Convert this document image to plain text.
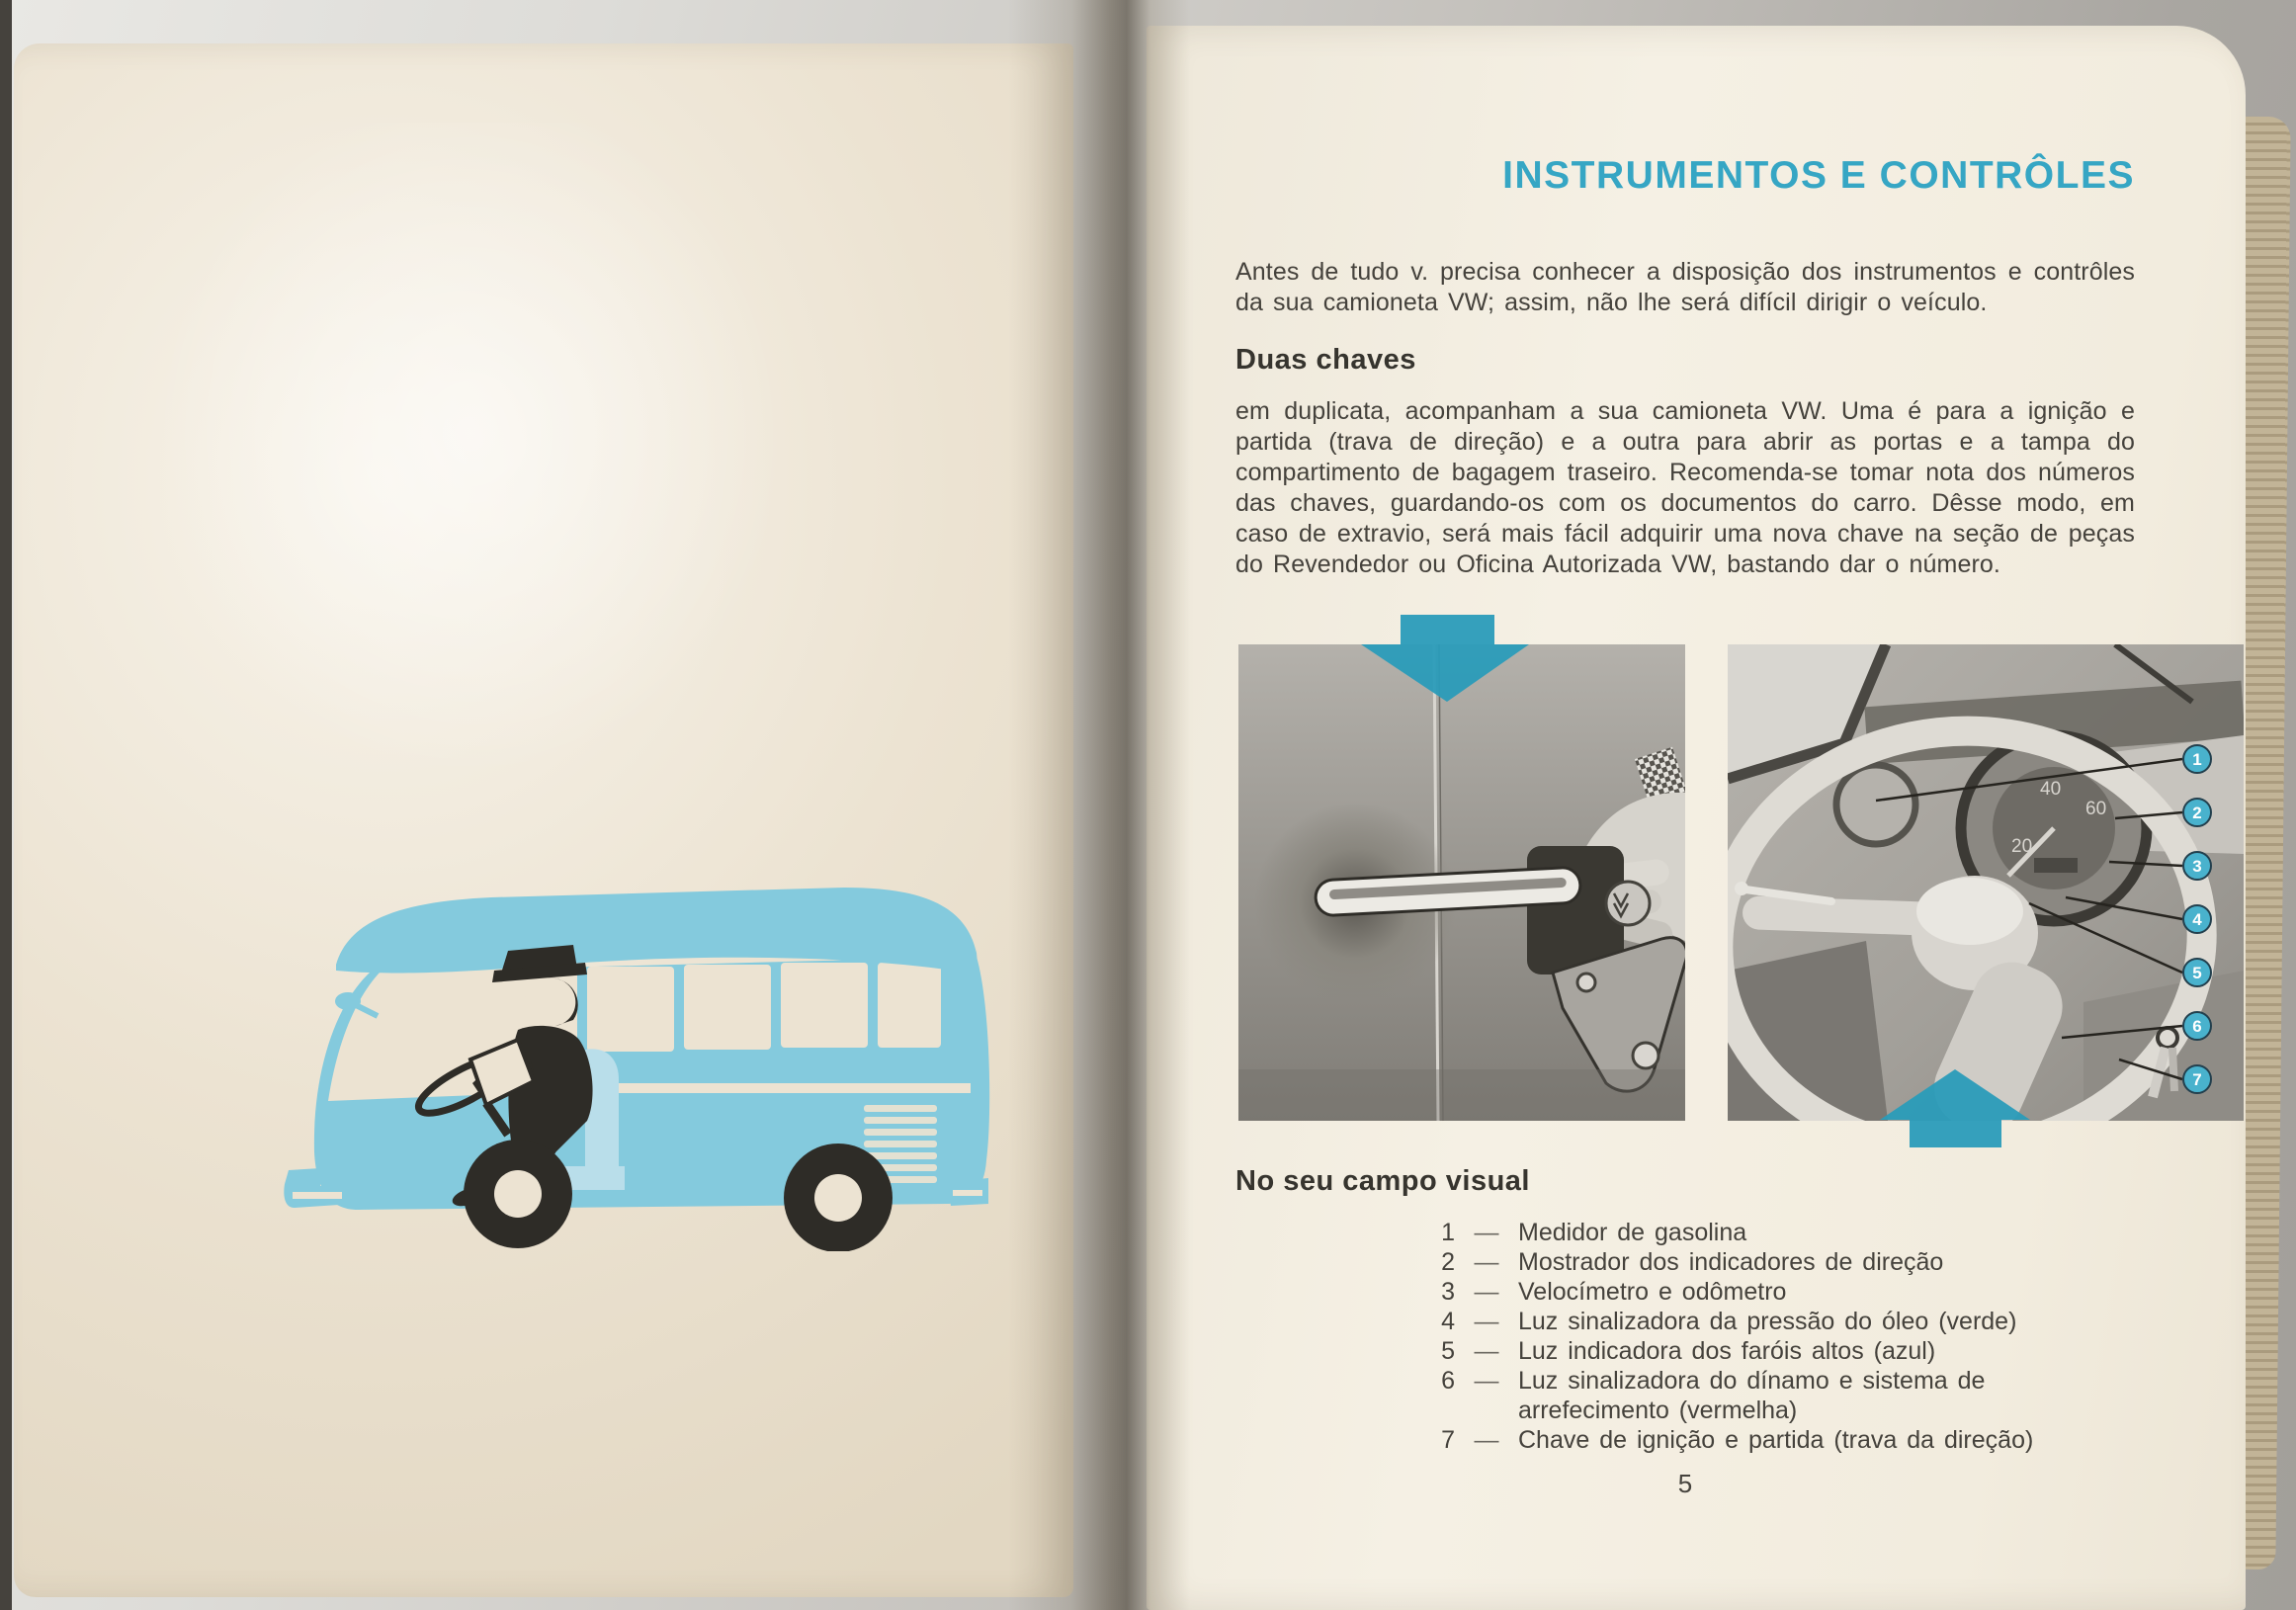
INSTRUMENTOS E CONTRÔLES
Antes de tudo v. precisa conhecer a disposição dos instrumentos e contrôles da sua camioneta VW; assim, não lhe será difícil dirigir o veículo.
Duas chaves
em duplicata, acompanham a sua camioneta VW. Uma é para a ignição e partida (trava de direção) e a outra para abrir as portas e a tampa do compartimento de bagagem traseiro. Recomenda-se tomar nota dos números das chaves, guardando-os com os documentos do carro. Dêsse modo, em caso de extravio, será mais fácil adquirir uma nova chave na seção de peças do Revendedor ou Oficina Autorizada VW, bastando dar o número.
20
40
60
1
2
3
4
5
6
7
No seu campo visual
1 — Medidor de gasolina
2 — Mostrador dos indicadores de direção
3 — Velocímetro e odômetro
4 — Luz sinalizadora da pressão do óleo (verde)
5 — Luz indicadora dos faróis altos (azul)
6 — Luz sinalizadora do dínamo e sistema de arrefecimento (vermelha)
7 — Chave de ignição e partida (trava da direção)
5
